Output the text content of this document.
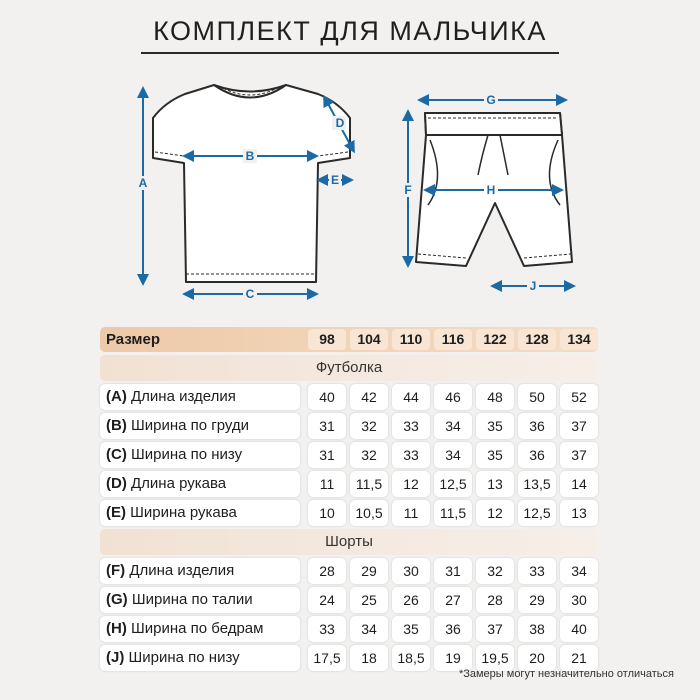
КОМПЛЕКТ ДЛЯ МАЛЬЧИКА
A
B
C
D
E
G
H
F
J
Размер	98	104	110	116	122	128	134
Футболка
(A) Длина изделия	40	42	44	46	48	50	52
(B) Ширина по груди	31	32	33	34	35	36	37
(C) Ширина по низу	31	32	33	34	35	36	37
(D) Длина рукава	11	11,5	12	12,5	13	13,5	14
(E) Ширина рукава	10	10,5	11	11,5	12	12,5	13
Шорты
(F) Длина изделия	28	29	30	31	32	33	34
(G) Ширина по талии	24	25	26	27	28	29	30
(H) Ширина по бедрам	33	34	35	36	37	38	40
(J) Ширина по низу	17,5	18	18,5	19	19,5	20	21
*Замеры могут незначительно отличаться
